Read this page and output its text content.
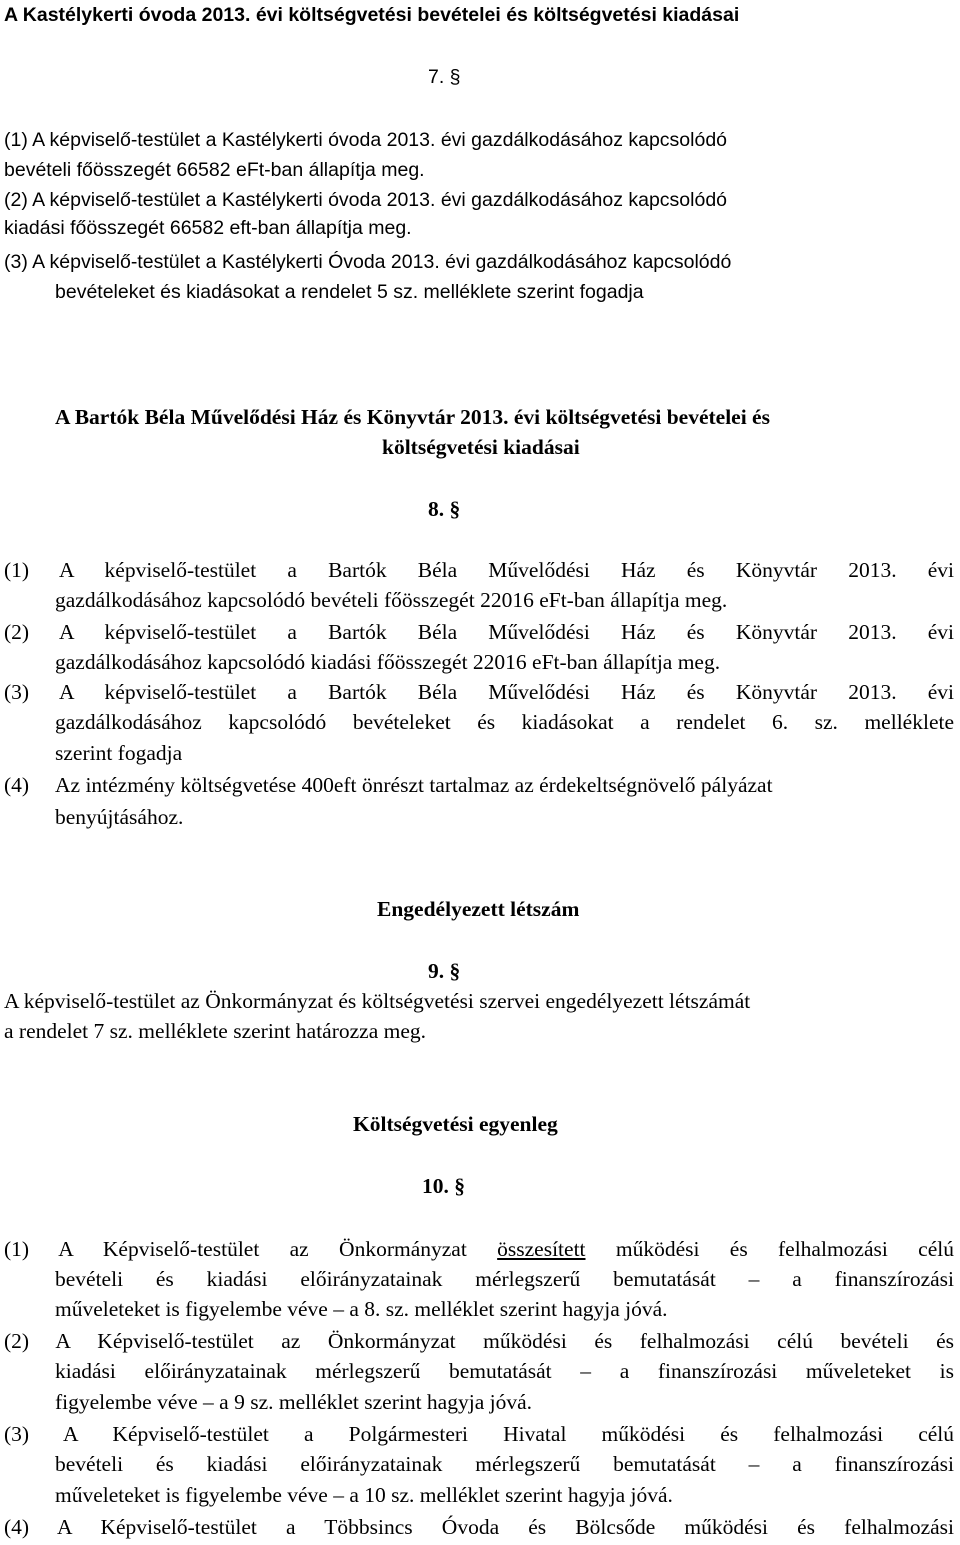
A Kastélykerti óvoda 2013. évi költségvetési bevételei és költségvetési kiadásai
7. §
(1) A képviselő-testület a Kastélykerti óvoda 2013. évi gazdálkodásához kapcsolódó
bevételi főösszegét 66582 eFt-ban állapítja meg.
(2) A képviselő-testület a Kastélykerti óvoda 2013. évi gazdálkodásához kapcsolódó
kiadási főösszegét 66582 eft-ban állapítja meg.
(3) A képviselő-testület a Kastélykerti Óvoda 2013. évi gazdálkodásához kapcsolódó
bevételeket és kiadásokat a rendelet 5 sz. melléklete szerint fogadja
A Bartók Béla Művelődési Ház és Könyvtár 2013. évi költségvetési bevételei és
költségvetési kiadásai
8. §
(1) A képviselő-testület a Bartók Béla Művelődési Ház és Könyvtár 2013. évi
gazdálkodásához kapcsolódó bevételi főösszegét 22016 eFt-ban állapítja meg.
(2) A képviselő-testület a Bartók Béla Művelődési Ház és Könyvtár 2013. évi
gazdálkodásához kapcsolódó kiadási főösszegét 22016 eFt-ban állapítja meg.
(3) A képviselő-testület a Bartók Béla Művelődési Ház és Könyvtár 2013. évi
gazdálkodásához kapcsolódó bevételeket és kiadásokat a rendelet 6. sz. melléklete
szerint fogadja
(4) Az intézmény költségvetése 400eft önrészt tartalmaz az érdekeltségnövelő pályázat
benyújtásához.
Engedélyezett létszám
9. §
A képviselő-testület az Önkormányzat és költségvetési szervei engedélyezett létszámát
a rendelet 7 sz. melléklete szerint határozza meg.
Költségvetési egyenleg
10. §
(1) A Képviselő-testület az Önkormányzat összesített működési és felhalmozási célú
bevételi és kiadási előirányzatainak mérlegszerű bemutatását – a finanszírozási
műveleteket is figyelembe véve – a 8. sz. melléklet szerint hagyja jóvá.
(2) A Képviselő-testület az Önkormányzat működési és felhalmozási célú bevételi és
kiadási előirányzatainak mérlegszerű bemutatását – a finanszírozási műveleteket is
figyelembe véve – a 9 sz. melléklet szerint hagyja jóvá.
(3) A Képviselő-testület a Polgármesteri Hivatal működési és felhalmozási célú
bevételi és kiadási előirányzatainak mérlegszerű bemutatását – a finanszírozási
műveleteket is figyelembe véve – a 10 sz. melléklet szerint hagyja jóvá.
(4) A Képviselő-testület a Többsincs Óvoda és Bölcsőde működési és felhalmozási
